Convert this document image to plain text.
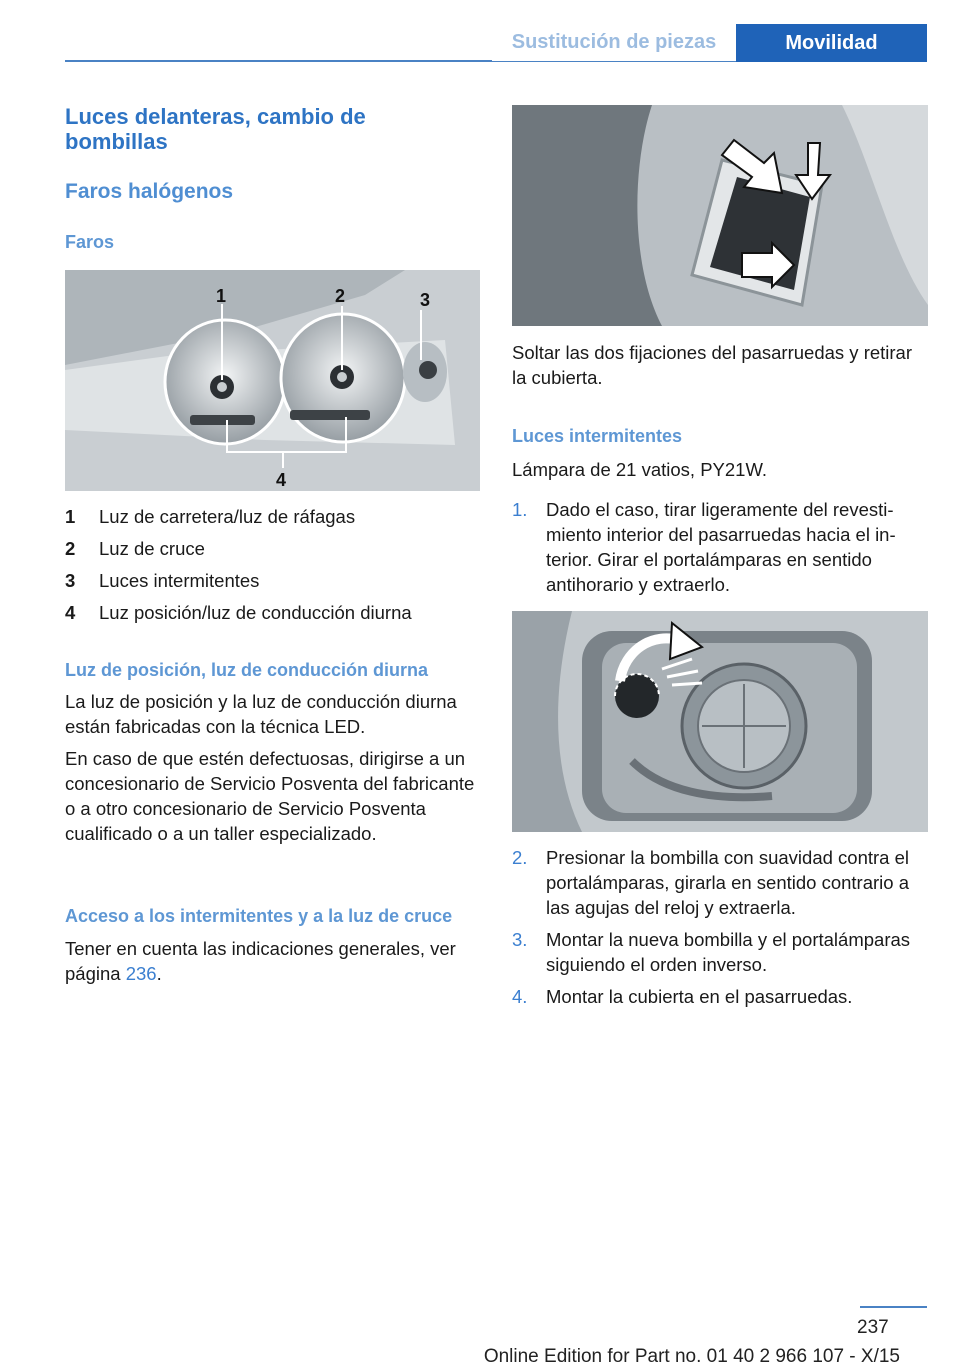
Sustitución de piezas	Movilidad
Luces delanteras, cambio de bombillas
Faros halógenos
Faros
1	2	3
4
1	Luz de carretera/luz de ráfagas
2	Luz de cruce
3	Luces intermitentes
4	Luz posición/luz de conducción diurna
Luz de posición, luz de conducción diurna

La luz de posición y la luz de conducción diurna están fabricadas con la técnica LED.

En caso de que estén defectuosas, dirigirse a un concesionario de Servicio Posventa del fabricante o a otro concesionario de Servicio Posventa cualificado o a un taller especializado.

Acceso a los intermitentes y a la luz de cruce

Tener en cuenta las indicaciones generales, ver página 236.

Soltar las dos fijaciones del pasarruedas y retirar la cubierta.

Luces intermitentes

Lámpara de 21 vatios, PY21W.

1.	Dado el caso, tirar ligeramente del revestimiento interior del pasarruedas hacia el interior. Girar el portalámparas en sentido antihorario y extraerlo.
2.	Presionar la bombilla con suavidad contra el portalámparas, girarla en sentido contrario a las agujas del reloj y extraerla.
3.	Montar la nueva bombilla y el portalámparas siguiendo el orden inverso.
4.	Montar la cubierta en el pasarruedas.
237
Online Edition for Part no. 01 40 2 966 107 - X/15
